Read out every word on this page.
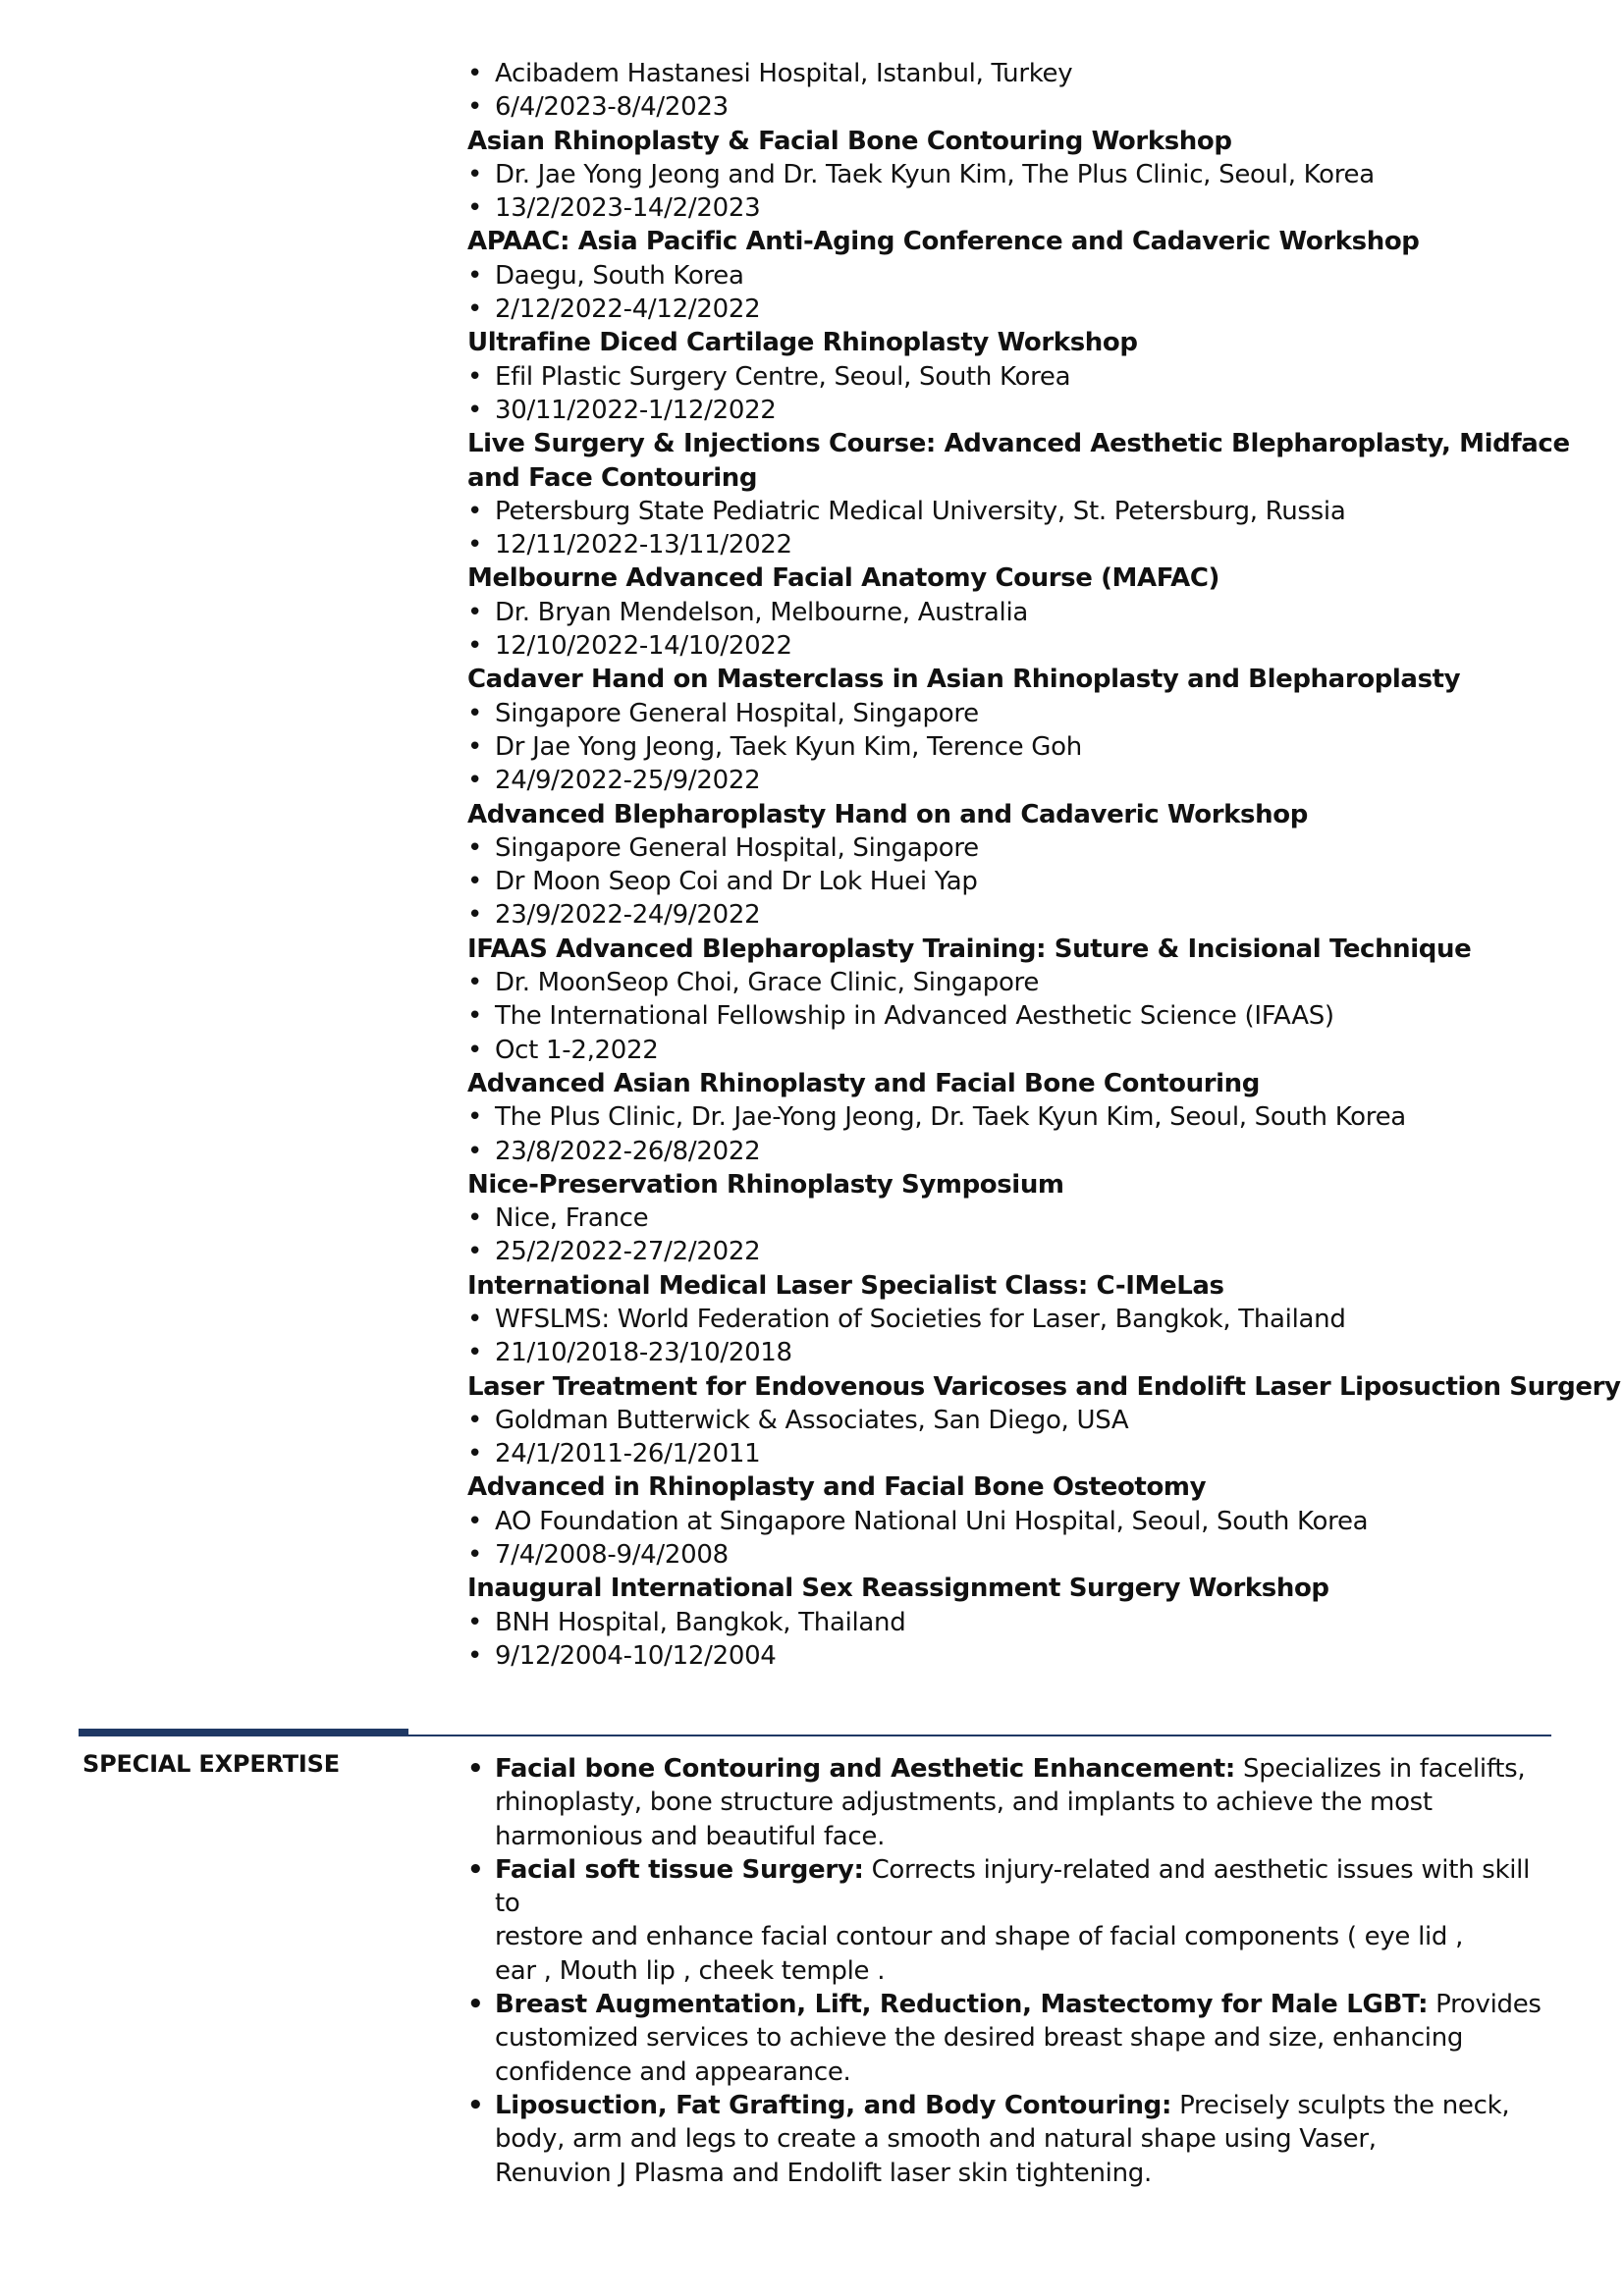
• Acibadem Hastanesi Hospital, Istanbul, Turkey
• 6/4/2023-8/4/2023
Asian Rhinoplasty & Facial Bone Contouring Workshop
• Dr. Jae Yong Jeong and Dr. Taek Kyun Kim, The Plus Clinic, Seoul, Korea
• 13/2/2023-14/2/2023
APAAC: Asia Pacific Anti-Aging Conference and Cadaveric Workshop
• Daegu, South Korea
• 2/12/2022-4/12/2022
Ultrafine Diced Cartilage Rhinoplasty Workshop
• Efil Plastic Surgery Centre, Seoul, South Korea
• 30/11/2022-1/12/2022
Live Surgery & Injections Course: Advanced Aesthetic Blepharoplasty, Midface
and Face Contouring
• Petersburg State Pediatric Medical University, St. Petersburg, Russia
• 12/11/2022-13/11/2022
Melbourne Advanced Facial Anatomy Course (MAFAC)
• Dr. Bryan Mendelson, Melbourne, Australia
• 12/10/2022-14/10/2022
Cadaver Hand on Masterclass in Asian Rhinoplasty and Blepharoplasty
• Singapore General Hospital, Singapore
• Dr Jae Yong Jeong, Taek Kyun Kim, Terence Goh
• 24/9/2022-25/9/2022
Advanced Blepharoplasty Hand on and Cadaveric Workshop
• Singapore General Hospital, Singapore
• Dr Moon Seop Coi and Dr Lok Huei Yap
• 23/9/2022-24/9/2022
IFAAS Advanced Blepharoplasty Training: Suture & Incisional Technique
• Dr. MoonSeop Choi, Grace Clinic, Singapore
• The International Fellowship in Advanced Aesthetic Science (IFAAS)
• Oct 1-2,2022
Advanced Asian Rhinoplasty and Facial Bone Contouring
• The Plus Clinic, Dr. Jae-Yong Jeong, Dr. Taek Kyun Kim, Seoul, South Korea
• 23/8/2022-26/8/2022
Nice-Preservation Rhinoplasty Symposium
• Nice, France
• 25/2/2022-27/2/2022
International Medical Laser Specialist Class: C-IMeLas
• WFSLMS: World Federation of Societies for Laser, Bangkok, Thailand
• 21/10/2018-23/10/2018
Laser Treatment for Endovenous Varicoses and Endolift Laser Liposuction Surgery
• Goldman Butterwick & Associates, San Diego, USA
• 24/1/2011-26/1/2011
Advanced in Rhinoplasty and Facial Bone Osteotomy
• AO Foundation at Singapore National Uni Hospital, Seoul, South Korea
• 7/4/2008-9/4/2008
Inaugural International Sex Reassignment Surgery Workshop
• BNH Hospital, Bangkok, Thailand
• 9/12/2004-10/12/2004
SPECIAL EXPERTISE
•	Facial bone Contouring and Aesthetic Enhancement: Specializes in facelifts,
rhinoplasty, bone structure adjustments, and implants to achieve the most
harmonious and beautiful face.
• Facial soft tissue Surgery: Corrects injury-related and aesthetic issues with skill to
restore and enhance facial contour and shape of facial components ( eye lid ,
ear , Mouth lip , cheek temple .
• Breast Augmentation, Lift, Reduction, Mastectomy for Male LGBT: Provides
customized services to achieve the desired breast shape and size, enhancing
confidence and appearance.
• Liposuction, Fat Grafting, and Body Contouring: Precisely sculpts the neck,
body, arm and legs to create a smooth and natural shape using Vaser,
Renuvion J Plasma and Endolift laser skin tightening.
